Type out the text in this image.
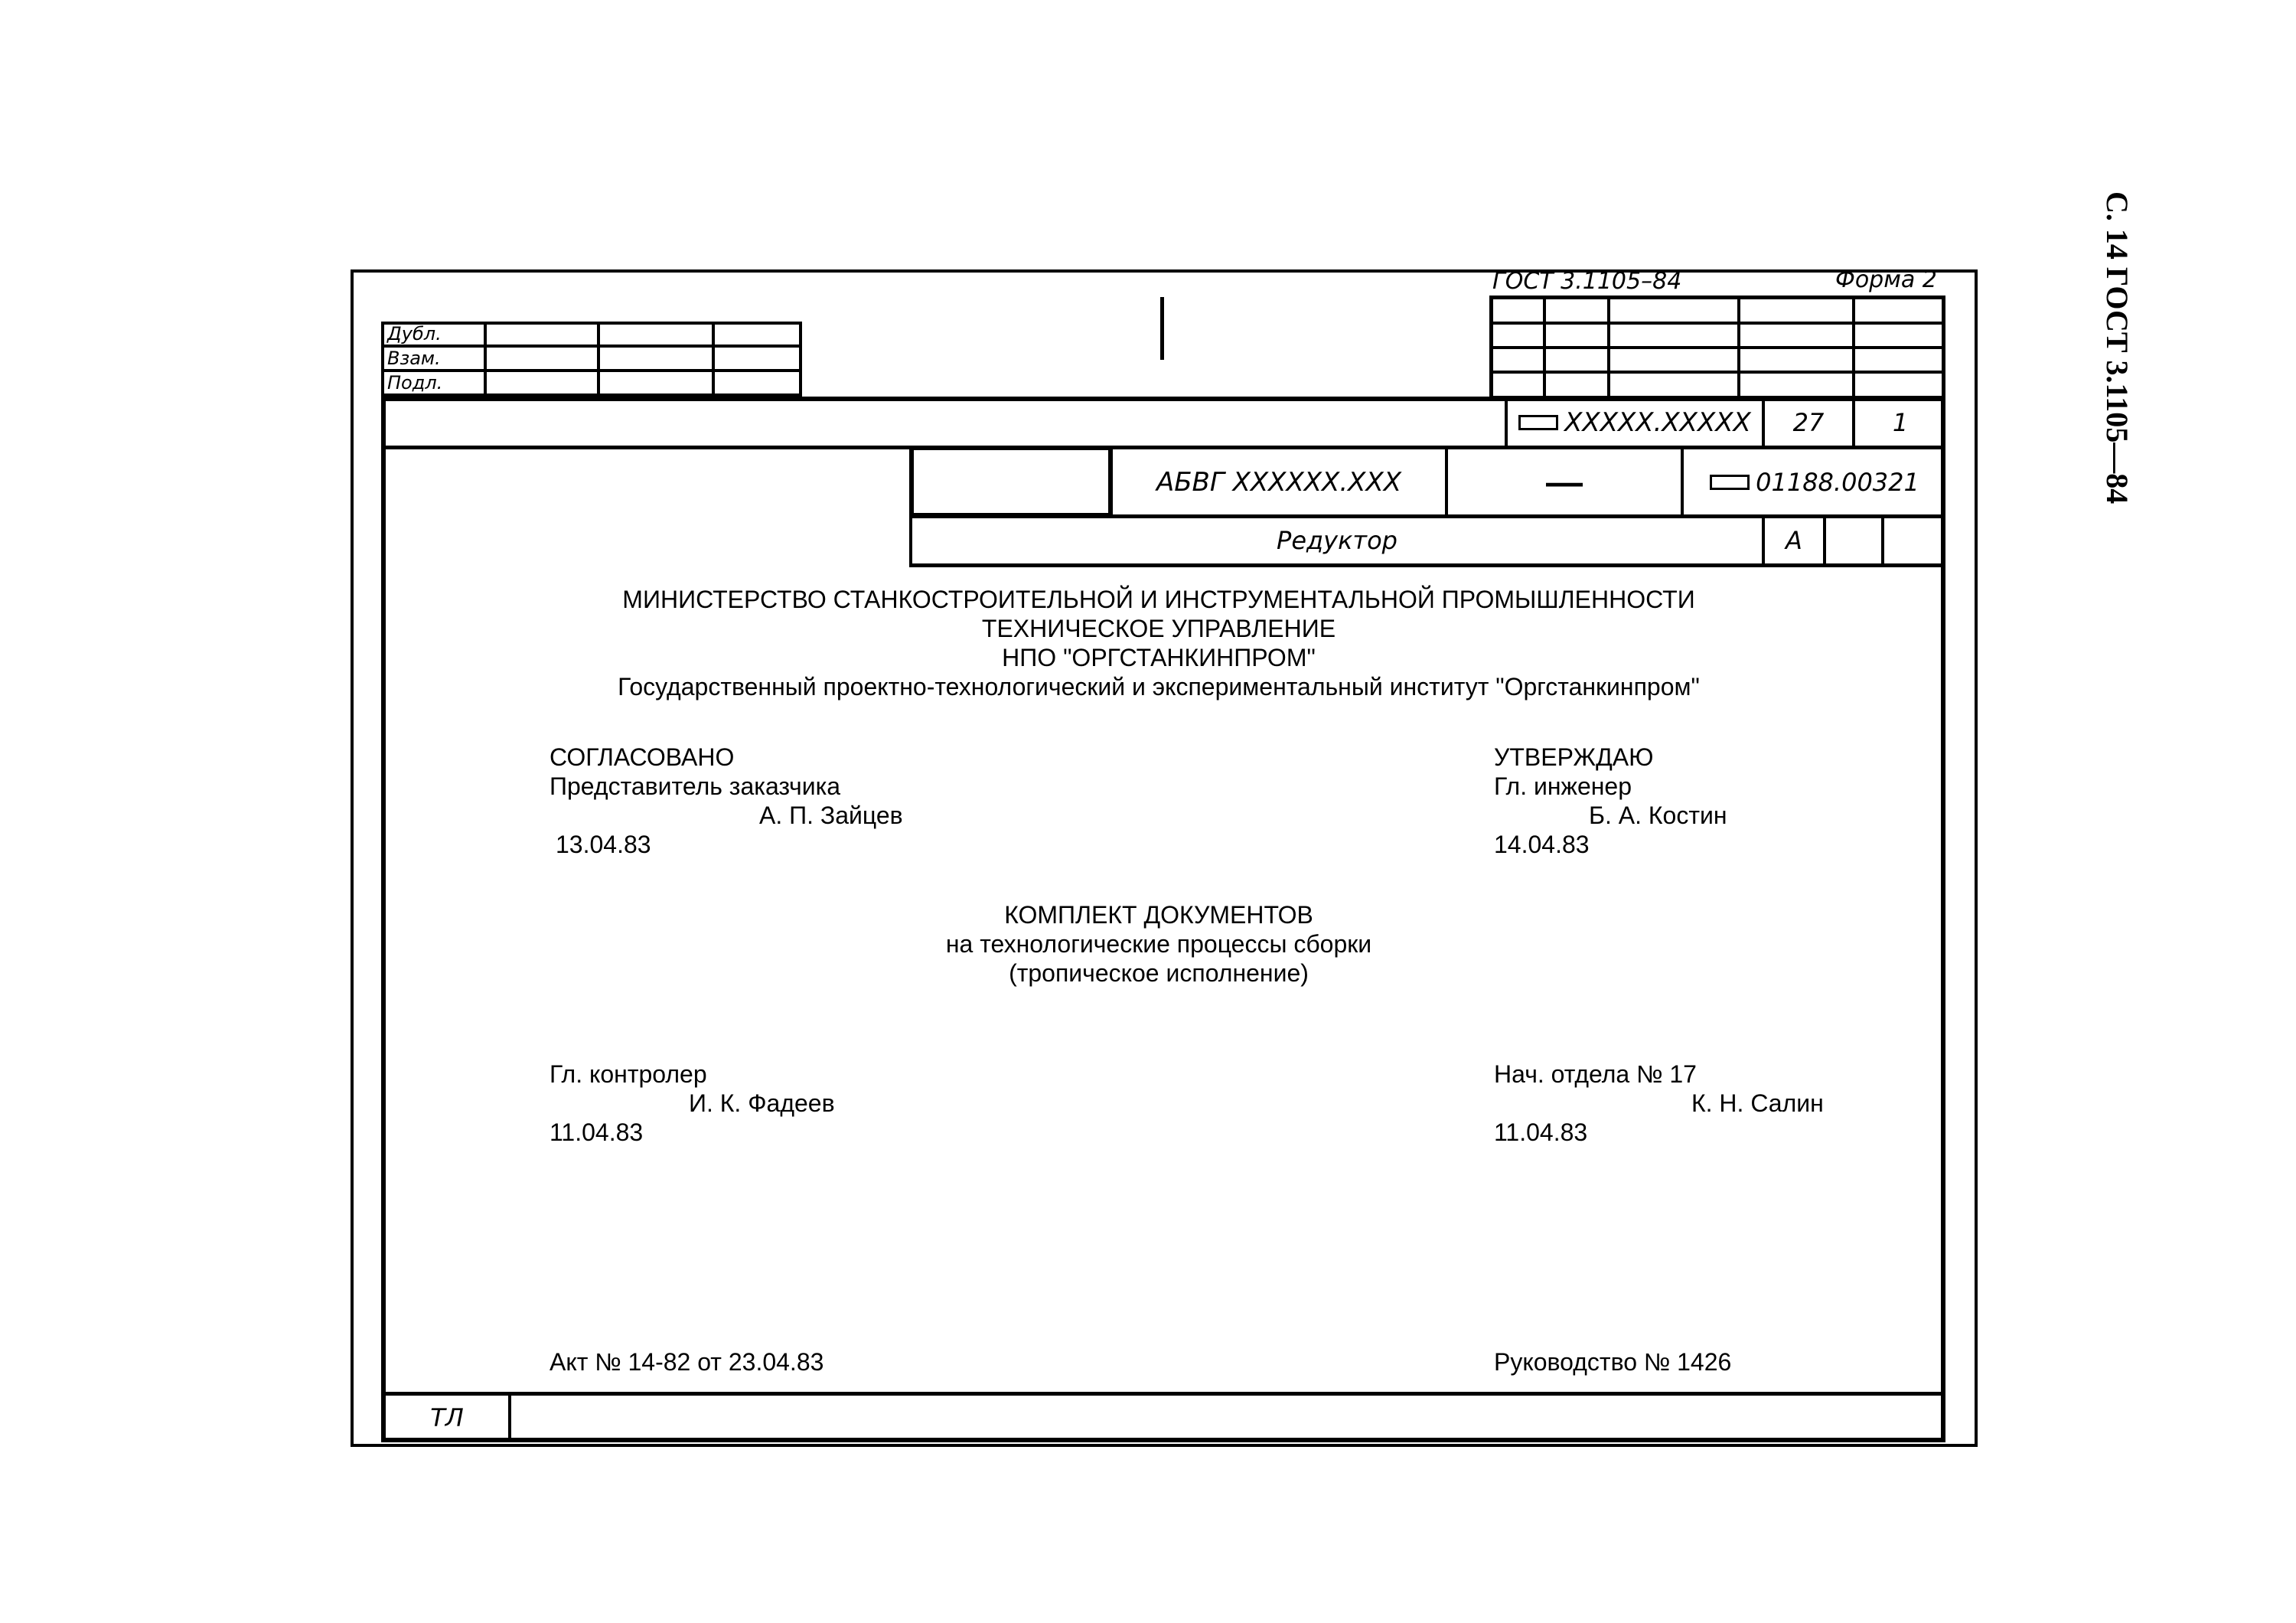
С. 14 ГОСТ 3.1105—84
ГОСТ 3.1105–84	Форма 2
Дубл.
Взам.
Подл.
XXXXX.XXXXX	27	1
АБВГ XXXXXX.XXX	—	01188.00321
Редуктор	А
МИНИСТЕРСТВО СТАНКОСТРОИТЕЛЬНОЙ И ИНСТРУМЕНТАЛЬНОЙ ПРОМЫШЛЕННОСТИ
ТЕХНИЧЕСКОЕ УПРАВЛЕНИЕ
НПО "ОРГСТАНКИНПРОМ"
Государственный проектно-технологический и экспериментальный институт "Оргстанкинпром"
СОГЛАСОВАНО
Представитель заказчика
А. П. Зайцев
13.04.83
УТВЕРЖДАЮ
Гл. инженер
Б. А. Костин
14.04.83
КОМПЛЕКТ ДОКУМЕНТОВ
на технологические процессы сборки
(тропическое исполнение)
Гл. контролер
И. К. Фадеев
11.04.83
Нач. отдела № 17
К. Н. Салин
11.04.83
Акт № 14-82 от 23.04.83	Руководство № 1426
ТЛ
